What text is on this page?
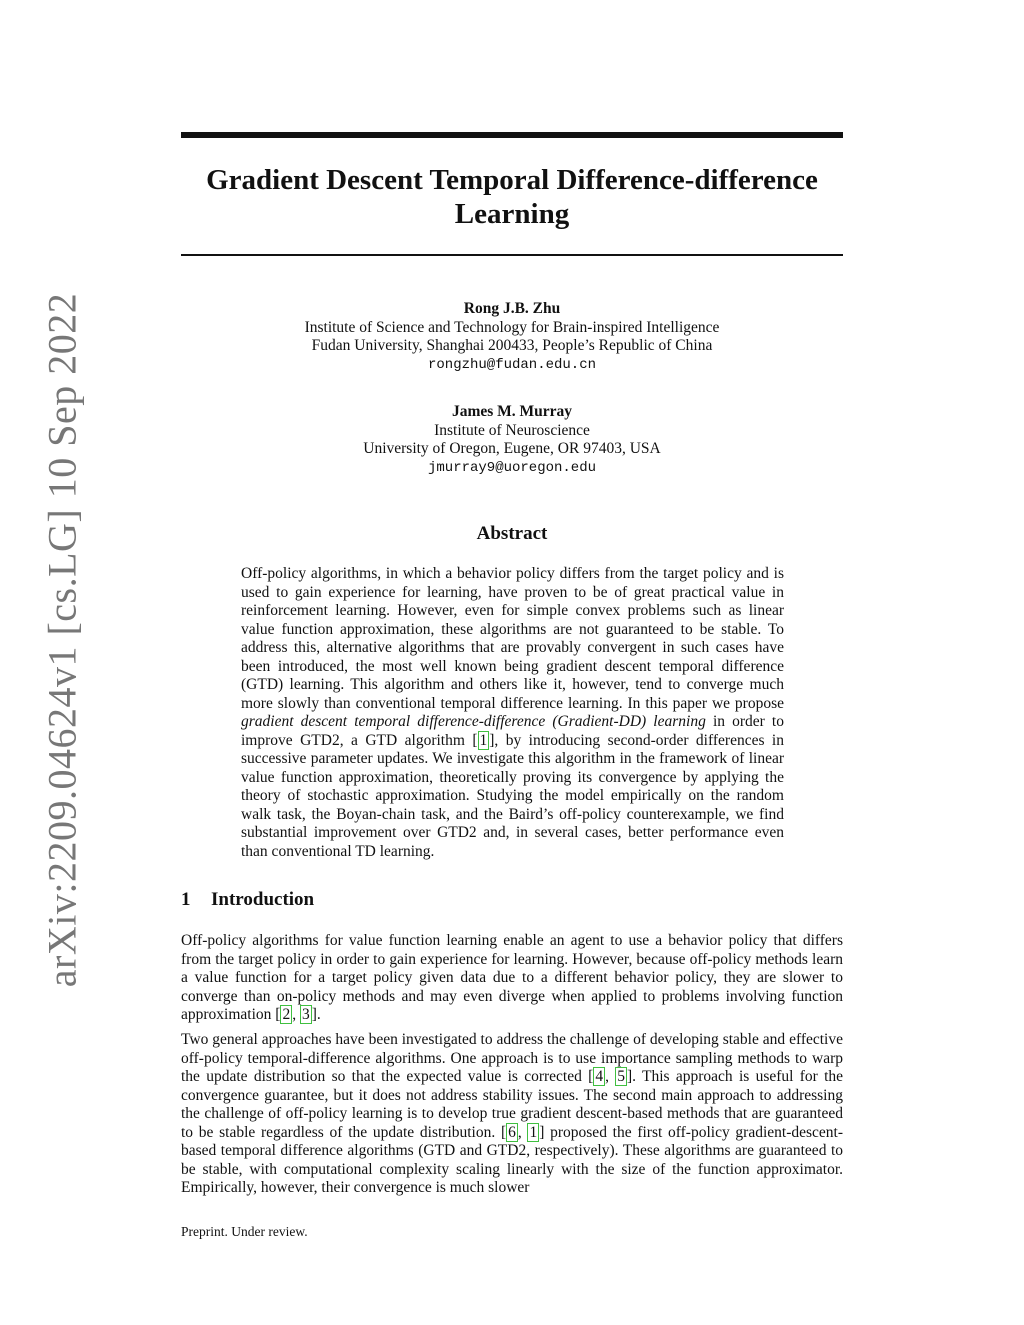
arXiv:2209.04624v1 [cs.LG] 10 Sep 2022
Gradient Descent Temporal Difference-difference Learning
Rong J.B. Zhu
Institute of Science and Technology for Brain-inspired Intelligence
Fudan University, Shanghai 200433, People’s Republic of China
rongzhu@fudan.edu.cn
James M. Murray
Institute of Neuroscience
University of Oregon, Eugene, OR 97403, USA
jmurray9@uoregon.edu
Abstract
Off-policy algorithms, in which a behavior policy differs from the target policy and is used to gain experience for learning, have proven to be of great practical value in reinforcement learning. However, even for simple convex problems such as linear value function approximation, these algorithms are not guaranteed to be stable. To address this, alternative algorithms that are provably convergent in such cases have been introduced, the most well known being gradient descent temporal difference (GTD) learning. This algorithm and others like it, however, tend to converge much more slowly than conventional temporal difference learning. In this paper we propose gradient descent temporal difference-difference (Gradient-DD) learning in order to improve GTD2, a GTD algorithm [ 1 ], by introducing second-order differences in successive parameter updates. We investigate this algorithm in the framework of linear value function approximation, theoretically proving its convergence by applying the theory of stochastic approximation. Studying the model empirically on the random walk task, the Boyan-chain task, and the Baird’s off-policy counterexample, we find substantial improvement over GTD2 and, in several cases, better performance even than conventional TD learning.
1 Introduction
Off-policy algorithms for value function learning enable an agent to use a behavior policy that differs from the target policy in order to gain experience for learning. However, because off-policy methods learn a value function for a target policy given data due to a different behavior policy, they are slower to converge than on-policy methods and may even diverge when applied to problems involving function approximation [ 2 , 3 ].
Two general approaches have been investigated to address the challenge of developing stable and effective off-policy temporal-difference algorithms. One approach is to use importance sampling methods to warp the update distribution so that the expected value is corrected [ 4 , 5 ]. This approach is useful for the convergence guarantee, but it does not address stability issues. The second main approach to addressing the challenge of off-policy learning is to develop true gradient descent-based methods that are guaranteed to be stable regardless of the update distribution. [ 6 , 1 ] proposed the first off-policy gradient-descent-based temporal difference algorithms (GTD and GTD2, respectively). These algorithms are guaranteed to be stable, with computational complexity scaling linearly with the size of the function approximator. Empirically, however, their convergence is much slower
Preprint. Under review.
